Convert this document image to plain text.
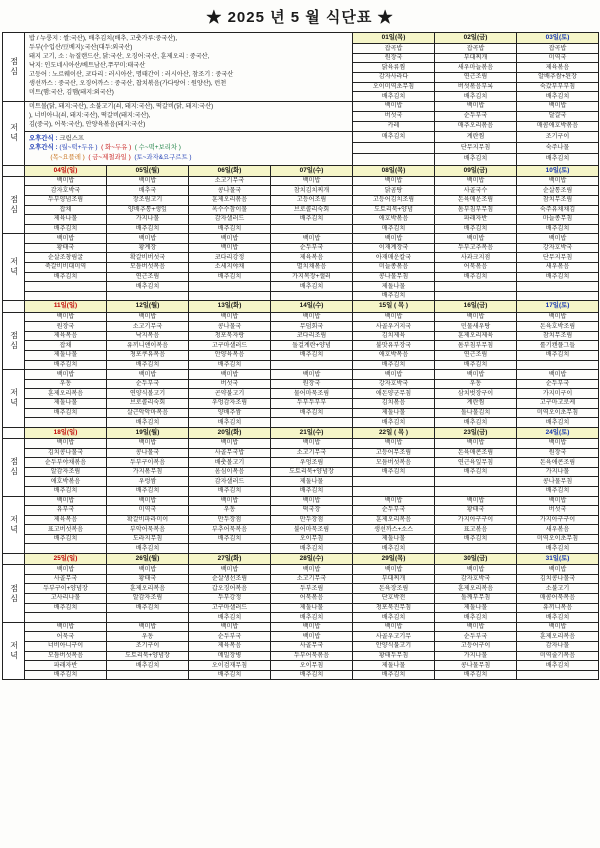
★ 2025 년 5 월 식단표 ★
점심	
밥 / 누룽지 : 쌀:국산), 배추김치(배추, 고춧가루:중국산),
두부(수입산/豆베지):국산(대두:외국산)
돼지 고기, 소 : 뉴질랜드산, 닭:국산, 오징어:국산, 훈제오리 : 중국산,
낙지: 인도네시아산/베트남산,쭈꾸미:태국산
고등어 : 노르웨이산, 코다리 : 러시아산, 명태간이 : 러시아산, 참조기 : 중국산
생선까스 : 중국산, 오징어까스 : 중국산, 찹치볶음(가다랑어 : 원양산), 런천
미트(햄:국산, 김햄(돼지:외국산)
	01일(목)	02일(금)	03일(토)
					잡곡밥	잡곡밥	잡곡밥
					원장국	부대찌개	미역국
					닭육류찜	새우마늘볶음	제육볶음
					감자사라다	연근조림	알배추쌈+된장
					오이미역초무침	버섯볶음부록	숙갔부부부침
					배추김치	배추김치	배추김치
저녁	미트볼(닭, 돼지:국산), 소불고기(쇠, 돼지:국산), 떡갈비(닭, 돼지:국산)
), 너비아니(쇠, 돼지:국산), 떡갈비(돼지:국산),
김(중국), 어묵:국산), 안양육볶음(돼지:국산)				백미밥	백미밥	백미밥
					버섯국	순두부국	달걀국
					카레	매추오리볶음	매콤애호박볶음

	오후간식 : 크림스프
오후간식 : (월~떡+두유 ) ( 화~두유 ) ( 수~떡+보리차 )
(목~요플레 ) ( 금~제철과일 ) (토~과자&요구르트 )				매추김치	계란찜	조기구이
						단무지무침	숙주나물
						배추김치	배추김치
	04일(일)	05일(월)	06일(화)	07일(수)	08일(목)	09일(금)	10일(토)
점심	백미밥	백미밥	소고기무국	백미밥	백미밥	백미밥	백미밥
	감자호박국	배추국	콩나물국	참치김치찌개	닭곰탕	사골국수	순살통조림
	두부양념조림	장조림고기	훈제오리볶음	고등어조림	고등어김치조림	돈육매운조림	참치무조림
	잡채	양배추통+생잎	옥수수참이물	브로콜리숙회	도토리묵+양념	돔부침부무침	숙주유채채김
	제육나물	가지나물	감자샐러드	배추김치	애호박볶음	파래자반	마늘종무침
	배추김치	배추김치	배추김치		매추김치	배추김치	배추김치
저녁	백미밥	백미밥	백미밥	백미밥	백미밥	백미밥	백미밥
	황태국	황계장	백미밥	순두부국	이재계장국	두부고추복음	강자호박국
	순살조창림굴	확갈비버섯국	코다리강정	제육복음	아재매운칼국	사과크지점	단무지무침
	죽갈비비대미역	모듬버섯복음	소세지야채	멸치채볶음	미늘종볶음	어묵볶음	새우볶음
	배추김치	연근조림	배추김치	가지목장+샐러	콩나물무침	배추김치	배추김치
		배추김치		배추김치	제돌나물		
					배추김치		
	11일(일)	12일(월)	13일(화)	14일(수)	15일 ( 목 )	16일(금)	17일(토)
점심	백미밥	백미밥	백미밥	백미밥	백미밥	백미밥	백미밥
	원장국	소고기무국	콩나물국	무덤회국	사골우거지국	민물새우탕	돈육호박조림
	제육복음	낙지복음	청포묵자랑	코다리조림	김치제육	훈제오리제육	참치무조림
	잡채	유끼니앤이복음	고구마샐러드	돌걸계란+양념	불맛유부장국	돔부침부무침	롤기캔플그들
	제둘나물	쳥포쿠유복음	안양육복음	배추김치	애호박복음	연근조림	배추김치
	배추김치	배추김치	배추김치		배추김치	배추김치	
저녁	백미밥	백미밥	백미밥	백미밥	백미밥	백미밥	백미밥
	우동	순두부국	버섯국	원장국	강자호박국	우동	순두부국
	훈제오리복음	연양식볼고기	곤약불고기	물어마묵조림	애돈양군무침	삼치벗장구이	가지미구이
	제둘나물	브로콜리숙회	우엉감자조림	두부두부부	김치볶음	계란찜	고구마고로케
	배추김치	살근악악마복음	양배추쌈	배추김치	제둘나물	돌나물김치	미역오이초무침
		배추김치	배추김치		배추김치	배추김치	배추김치
	18일(일)	19일(월)	20일(화)	21일(수)	22일 ( 목 )	23일(금)	24일(토)
점심	백미밥	백미밥	백미밥	백미밥	백미밥	백미밥	백미밥
	김치콩나물국	콩나물국	사골무국밥	소고기무국	고등어무조림	돈육매콘조림	원장국
	순두부야채볶음	두부구이복음	배춧볼고기	우엉조림	모듬버섯복음	연근육잎무침	돈육애콘조림
	알감자조림	가지볶무침	옴심이복음	도토리묵+양념장	배추김치	배추김치	가지나물
	애호박볶음	우렁쌈	감자샐러드	제둘나물			콩나물무침
	배추김치	배추김치	배추김치	배추김치			배추김치
저녁	백미밥	백미밥	백미밥	백미밥	백미밥	백미밥	백미밥
	유부국	미역국	우동	떡국장	순두부국	황태국	버섯국
	제육복음	확갈비파라미이	만두장점	만두장점	훈제오리복음	가지아구구이	가지아구구이
	표고버섯복음	부악어묵복음	부추어묵복음	불어마묵조림	생선까스+소스	표고볶음	새우볶음
	배추김치	도라지무침	배추김치	오이무침	제둘나물	배추김치	미역오이초무침
		배추김치		배추김치	배추김치		배추김치
	25일(일)	26일(월)	27일(화)	28일(수)	29일(목)	30일(금)	31일(토)
점심	백미밥	백미밥	백미밥	백미밥	백미밥	백미밥	백미밥
	사골무국	황태국	순살생선조림	소고기무국	부대찌개	감자호박국	김치콩나물국
	두부구이+양념장	훈제오리복음	갑오징어복음	두부조림	돈육장조림	훈제오리복음	소불고기
	고사리나물	알감자조림	두부강정	어묵볶음	단호박전	돌깨부무침	매콤어묵복음
	배추김치	배추김치	고구마샐러드	제둘나물	청포묵진무침	제둘나물	유끼니복음
			배추김치	배추김치	배추김치	배추김치	배추김치
저녁	백미밥	백미밥	백미밥	백미밥	백미밥	백미밥	백미밥
	어묵국	우동	순두부국	백미밥	사골우고기무	순두부국	훈제오리복음
	너비아니구이	조기구이	제육복음	사골무국	안양식불고기	고등어구이	감자나물
	모듬버섯복음	도토리묵+양념장	메밀장병	두부어묵볶음	황태두무침	가지나물	미역줄기복음
	파래자반	배추김치	오이검재무침	오이무침	제둘나물	콩나물무침	배추김치
	배추김치		배추김치	배추김치	배추김치	배추김치	
